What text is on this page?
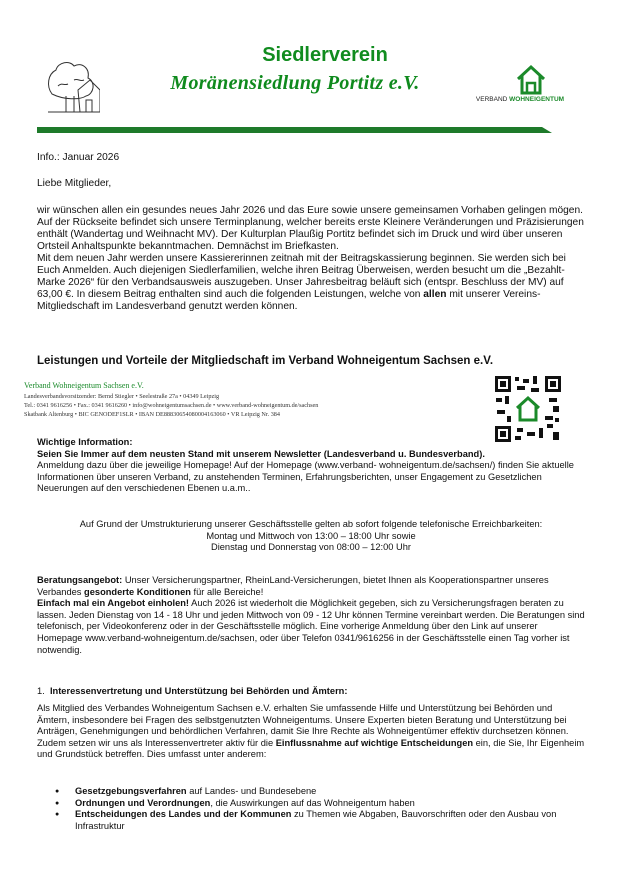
Siedlerverein
Moränensiedlung Portitz e.V.
VERBAND WOHNEIGENTUM
Info.: Januar 2026
Liebe Mitglieder,

wir wünschen allen ein gesundes neues Jahr 2026 und das Eure sowie unsere gemeinsamen Vorhaben gelingen mögen.

Auf der Rückseite befindet sich unsere Terminplanung, welcher bereits erste Kleinere Veränderungen und Präzisierungen enthält (Wandertag und Weihnacht MV). Der Kulturplan Plaußig Portitz befindet sich im Druck und wird über unseren Ortsteil Anhaltspunkte bekanntmachen. Demnächst im Briefkasten.

Mit dem neuen Jahr werden unsere Kassiererinnen zeitnah mit der Beitragskassierung beginnen. Sie werden sich bei Euch Anmelden. Auch diejenigen Siedlerfamilien, welche ihren Beitrag Überweisen, werden besucht um die „Bezahlt- Marke 2026“ für den Verbandsausweis auszugeben. Unser Jahresbeitrag beläuft sich (entspr. Beschluss der MV) auf 63,00 €. In diesem Beitrag enthalten sind auch die folgenden Leistungen, welche von allen mit unserer Vereins- Mitgliedschaft im Landesverband genutzt werden können.

Leistungen und Vorteile der Mitgliedschaft im Verband Wohneigentum Sachsen e.V.
Verband Wohneigentum Sachsen e.V.
Landesverbandsvorsitzender: Bernd Stiegler • Seelestraße 27a • 04349 Leipzig
Tel.: 0341 9616256 • Fax.: 0341 9616260 • info@wohneigentumsachsen.de • www.verband-wohneigentum.de/sachsen
Skatbank Altenburg • BIC GENODEF1SLR • IBAN DE88830654080004163060 • VR Leipzig Nr. 384

Wichtige Information:

Seien Sie Immer auf dem neusten Stand mit unserem Newsletter (Landesverband u. Bundesverband).

Anmeldung dazu über die jeweilige Homepage! Auf der Homepage (www.verband- wohneigentum.de/sachsen/) finden Sie aktuelle Informationen über unseren Verband, zu anstehenden Terminen, Erfahrungsberichten, unser Engagement zu Gesetzlichen Neuerungen auf den verschiedenen Ebenen u.a.m..

Auf Grund der Umstrukturierung unserer Geschäftsstelle gelten ab sofort folgende telefonische Erreichbarkeiten:

Montag und Mittwoch von 13:00 – 18:00 Uhr sowie

Dienstag und Donnerstag von 08:00 – 12:00 Uhr

Beratungsangebot: Unser Versicherungspartner, RheinLand-Versicherungen, bietet Ihnen als Kooperationspartner unseres Verbandes gesonderte Konditionen für alle Bereiche!

Einfach mal ein Angebot einholen! Auch 2026 ist wiederholt die Möglichkeit gegeben, sich zu Versicherungsfragen beraten zu lassen. Jeden Dienstag von 14 - 18 Uhr und jeden Mittwoch von 09 - 12 Uhr können Termine vereinbart werden. Die Beratungen sind telefonisch, per Videokonferenz oder in der Geschäftsstelle möglich. Eine vorherige Anmeldung über den Link auf unserer Homepage www.verband-wohneigentum.de/sachsen, oder über Telefon 0341/9616256 in der Geschäftsstelle einen Tag vorher ist notwendig.

1. Interessenvertretung und Unterstützung bei Behörden und Ämtern:

Als Mitglied des Verbandes Wohneigentum Sachsen e.V. erhalten Sie umfassende Hilfe und Unterstützung bei Behörden und Ämtern, insbesondere bei Fragen des selbstgenutzten Wohneigentums. Unsere Experten bieten Beratung und Unterstützung bei Anträgen, Genehmigungen und behördlichen Verfahren, damit Sie Ihre Rechte als Wohneigentümer effektiv durchsetzen können.

Zudem setzen wir uns als Interessenvertreter aktiv für die Einflussnahme auf wichtige Entscheidungen ein, die Sie, Ihr Eigenheim und Grundstück betreffen. Dies umfasst unter anderem:

● Gesetzgebungsverfahren auf Landes- und Bundesebene
● Ordnungen und Verordnungen, die Auswirkungen auf das Wohneigentum haben
● Entscheidungen des Landes und der Kommunen zu Themen wie Abgaben, Bauvorschriften oder den Ausbau von Infrastruktur
